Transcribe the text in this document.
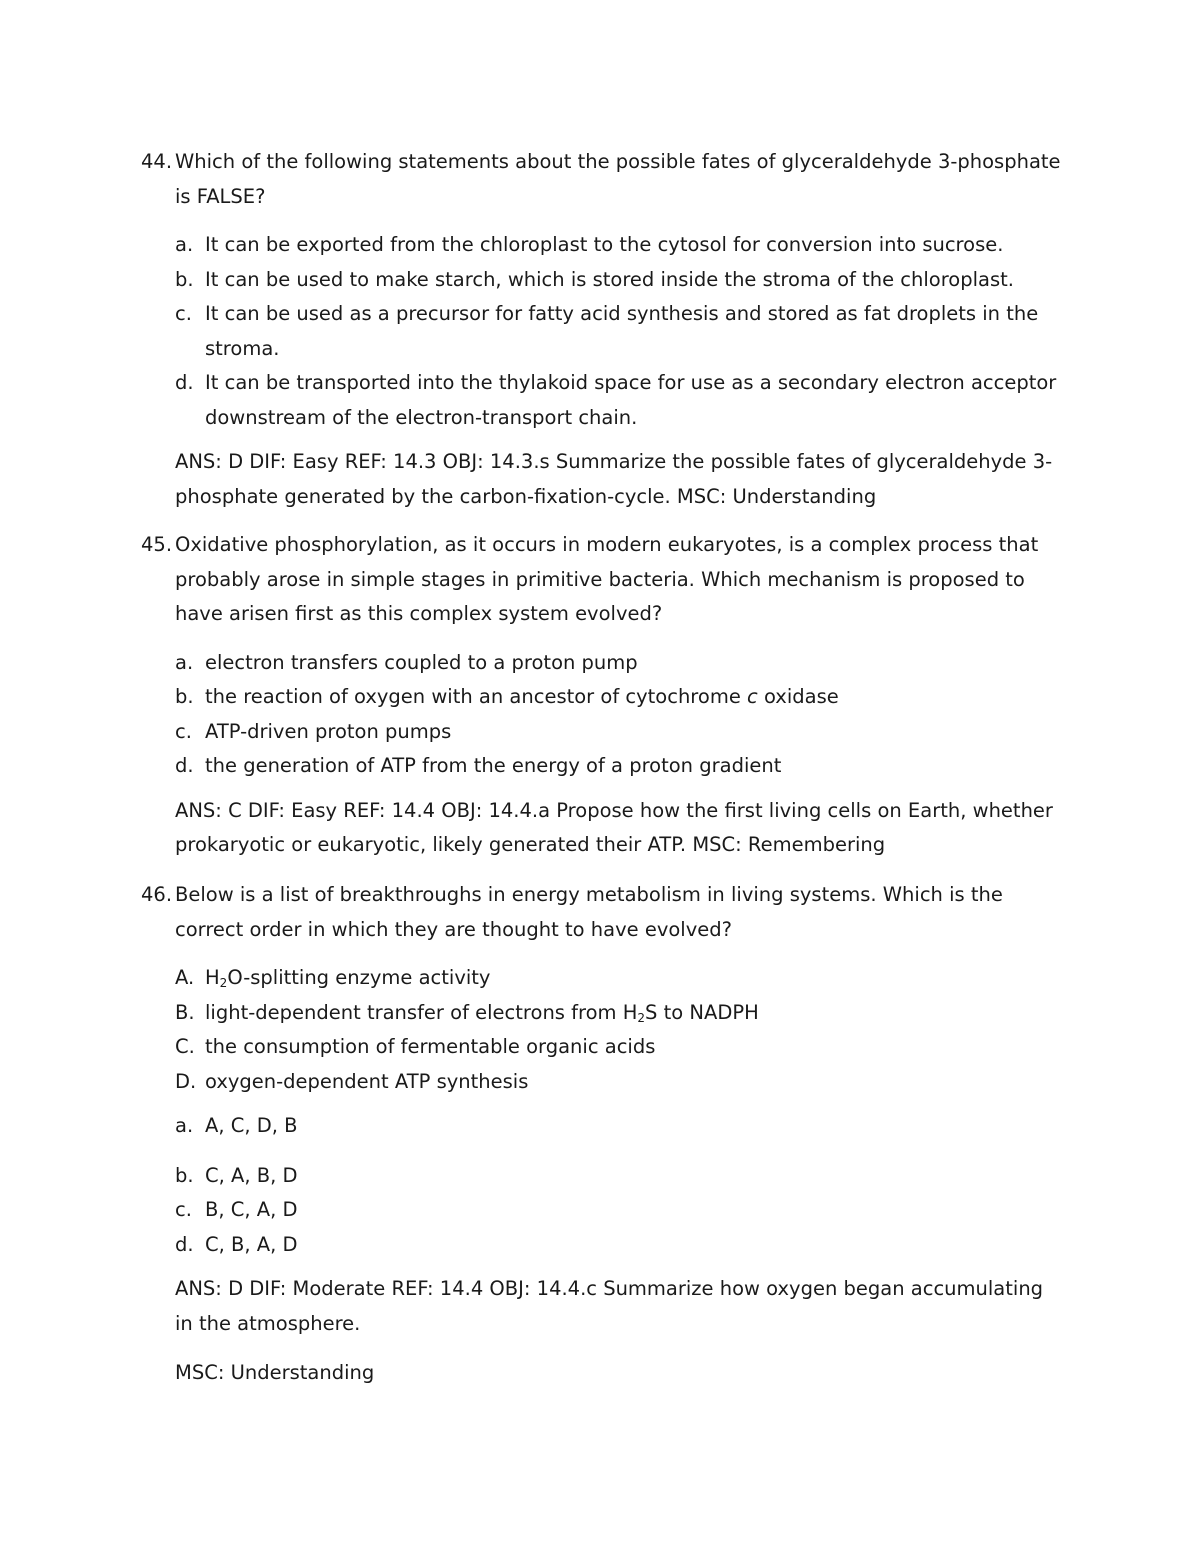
44. Which of the following statements about the possible fates of glyceraldehyde 3-phosphate is FALSE?
a. It can be exported from the chloroplast to the cytosol for conversion into sucrose.
b. It can be used to make starch, which is stored inside the stroma of the chloroplast.
c. It can be used as a precursor for fatty acid synthesis and stored as fat droplets in the stroma.
d. It can be transported into the thylakoid space for use as a secondary electron acceptor downstream of the electron-transport chain.
ANS: D DIF: Easy REF: 14.3 OBJ: 14.3.s Summarize the possible fates of glyceraldehyde 3-phosphate generated by the carbon-fixation-cycle. MSC: Understanding
45. Oxidative phosphorylation, as it occurs in modern eukaryotes, is a complex process that probably arose in simple stages in primitive bacteria. Which mechanism is proposed to have arisen first as this complex system evolved?
a. electron transfers coupled to a proton pump
b. the reaction of oxygen with an ancestor of cytochrome c oxidase
c. ATP-driven proton pumps
d. the generation of ATP from the energy of a proton gradient
ANS: C DIF: Easy REF: 14.4 OBJ: 14.4.a Propose how the first living cells on Earth, whether prokaryotic or eukaryotic, likely generated their ATP. MSC: Remembering
46. Below is a list of breakthroughs in energy metabolism in living systems. Which is the correct order in which they are thought to have evolved?
A. $H_2O$-splitting enzyme activity
B. light-dependent transfer of electrons from $H_2S$ to NADPH
C. the consumption of fermentable organic acids
D. oxygen-dependent ATP synthesis
a. A, C, D, B
b. C, A, B, D
c. B, C, A, D
d. C, B, A, D
ANS: D DIF: Moderate REF: 14.4 OBJ: 14.4.c Summarize how oxygen began accumulating in the atmosphere.
MSC: Understanding
